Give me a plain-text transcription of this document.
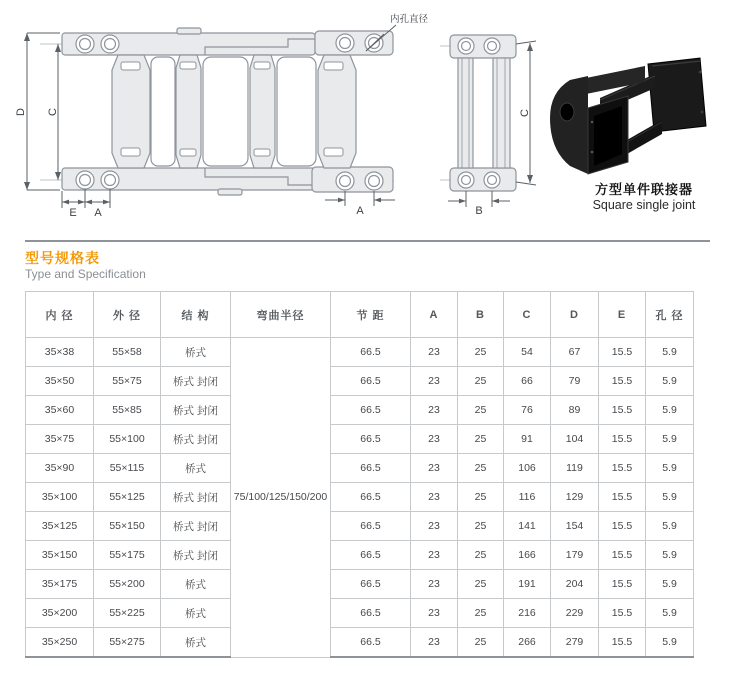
D C
E A	A
内孔直径
C
B
方型单件联接器
Square single joint
型号规格表
Type and Specification
内 径	外 径	结 构	弯曲半径	节 距	A	B	C	D	E	孔 径
35×38	55×58	桥式	75/100/125/150/200	66.5	23	25	54	67	15.5	5.9
35×50	55×75	桥式 封闭		66.5	23	25	66	79	15.5	5.9
35×60	55×85	桥式 封闭		66.5	23	25	76	89	15.5	5.9
35×75	55×100	桥式 封闭		66.5	23	25	91	104	15.5	5.9
35×90	55×115	桥式		66.5	23	25	106	119	15.5	5.9
35×100	55×125	桥式 封闭		66.5	23	25	116	129	15.5	5.9
35×125	55×150	桥式 封闭		66.5	23	25	141	154	15.5	5.9
35×150	55×175	桥式 封闭		66.5	23	25	166	179	15.5	5.9
35×175	55×200	桥式		66.5	23	25	191	204	15.5	5.9
35×200	55×225	桥式		66.5	23	25	216	229	15.5	5.9
35×250	55×275	桥式		66.5	23	25	266	279	15.5	5.9
